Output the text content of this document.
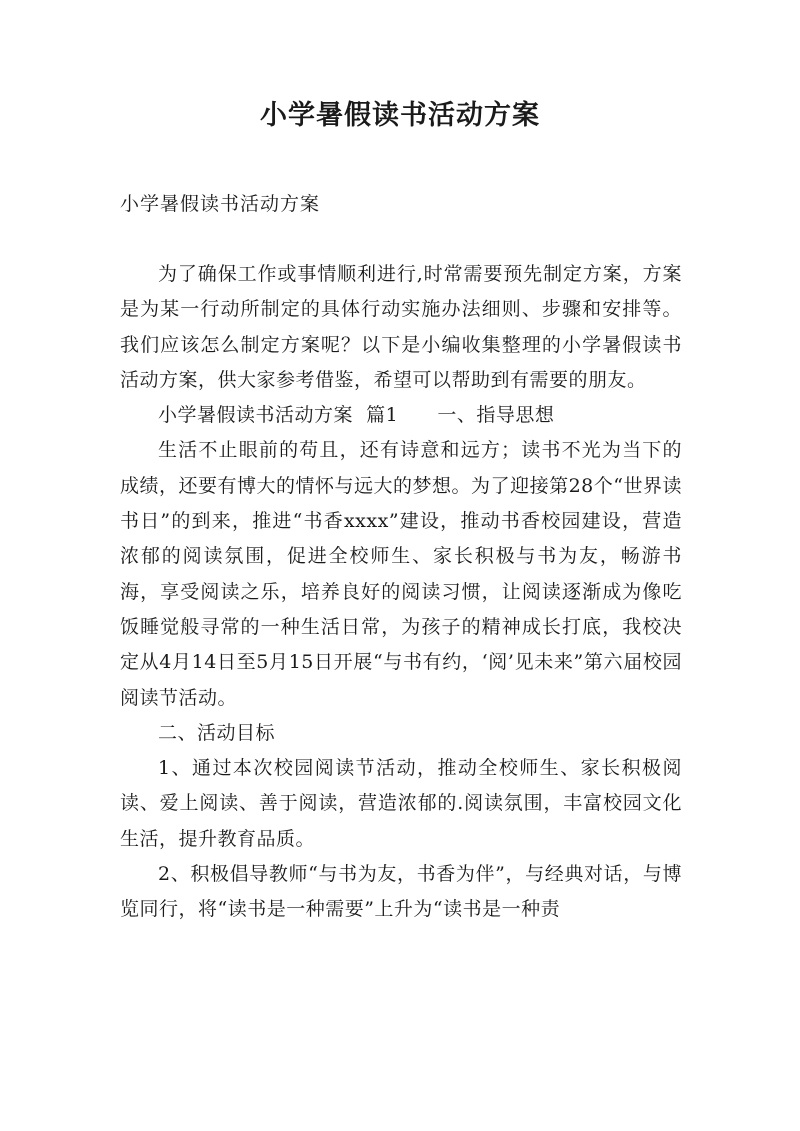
小学暑假读书活动方案
小学暑假读书活动方案

为了确保工作或事情顺利进行,时常需要预先制定方案，方案是为某一行动所制定的具体行动实施办法细则、步骤和安排等。我们应该怎么制定方案呢？以下是小编收集整理的小学暑假读书活动方案，供大家参考借鉴，希望可以帮助到有需要的朋友。

小学暑假读书活动方案  篇1      一、指导思想

生活不止眼前的苟且，还有诗意和远方；读书不光为当下的成绩，还要有博大的情怀与远大的梦想。为了迎接第28个“世界读书日”的到来，推进“书香xxxx”建设，推动书香校园建设，营造浓郁的阅读氛围，促进全校师生、家长积极与书为友，畅游书海，享受阅读之乐，培养良好的阅读习惯，让阅读逐渐成为像吃饭睡觉般寻常的一种生活日常，为孩子的精神成长打底，我校决定从4月14日至5月15日开展“与书有约，‘阅’见未来”第六届校园阅读节活动。

二、活动目标

1、通过本次校园阅读节活动，推动全校师生、家长积极阅读、爱上阅读、善于阅读，营造浓郁的.阅读氛围，丰富校园文化生活，提升教育品质。

2、积极倡导教师“与书为友，书香为伴”，与经典对话，与博览同行，将“读书是一种需要”上升为“读书是一种责
